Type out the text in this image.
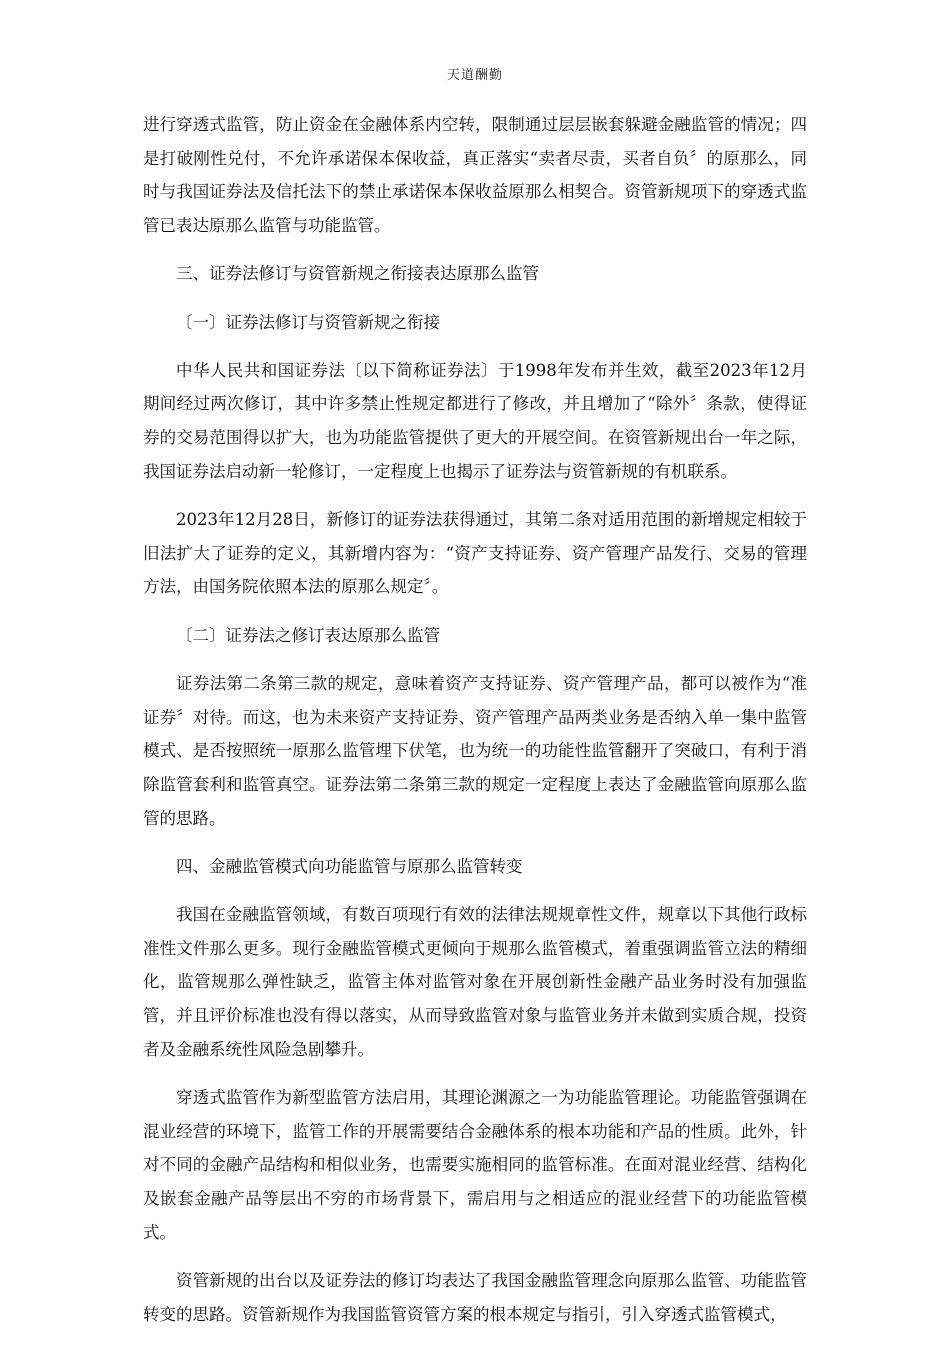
天道酬勤

进行穿透式监管，防止资金在金融体系内空转，限制通过层层嵌套躲避金融监管的情况；四是打破刚性兑付，不允许承诺保本保收益，真正落实“卖者尽责，买者自负〞的原那么，同时与我国证券法及信托法下的禁止承诺保本保收益原那么相契合。资管新规项下的穿透式监管已表达原那么监管与功能监管。

三、证券法修订与资管新规之衔接表达原那么监管

〔一〕证券法修订与资管新规之衔接

中华人民共和国证券法〔以下简称证券法〕于1998年发布并生效，截至2023年12月期间经过两次修订，其中许多禁止性规定都进行了修改，并且增加了“除外〞条款，使得证券的交易范围得以扩大，也为功能监管提供了更大的开展空间。在资管新规出台一年之际，我国证券法启动新一轮修订，一定程度上也揭示了证券法与资管新规的有机联系。

2023年12月28日，新修订的证券法获得通过，其第二条对适用范围的新增规定相较于旧法扩大了证券的定义，其新增内容为：“资产支持证券、资产管理产品发行、交易的管理方法，由国务院依照本法的原那么规定〞。

〔二〕证券法之修订表达原那么监管

证券法第二条第三款的规定，意味着资产支持证券、资产管理产品，都可以被作为“准证券〞对待。而这，也为未来资产支持证券、资产管理产品两类业务是否纳入单一集中监管模式、是否按照统一原那么监管埋下伏笔，也为统一的功能性监管翻开了突破口，有利于消除监管套利和监管真空。证券法第二条第三款的规定一定程度上表达了金融监管向原那么监管的思路。

四、金融监管模式向功能监管与原那么监管转变

我国在金融监管领域，有数百项现行有效的法律法规规章性文件，规章以下其他行政标准性文件那么更多。现行金融监管模式更倾向于规那么监管模式，着重强调监管立法的精细化，监管规那么弹性缺乏，监管主体对监管对象在开展创新性金融产品业务时没有加强监管，并且评价标准也没有得以落实，从而导致监管对象与监管业务并未做到实质合规，投资者及金融系统性风险急剧攀升。

穿透式监管作为新型监管方法启用，其理论渊源之一为功能监管理论。功能监管强调在混业经营的环境下，监管工作的开展需要结合金融体系的根本功能和产品的性质。此外，针对不同的金融产品结构和相似业务，也需要实施相同的监管标准。在面对混业经营、结构化及嵌套金融产品等层出不穷的市场背景下，需启用与之相适应的混业经营下的功能监管模式。

资管新规的出台以及证券法的修订均表达了我国金融监管理念向原那么监管、功能监管转变的思路。资管新规作为我国监管资管方案的根本规定与指引，引入穿透式监管模式，
